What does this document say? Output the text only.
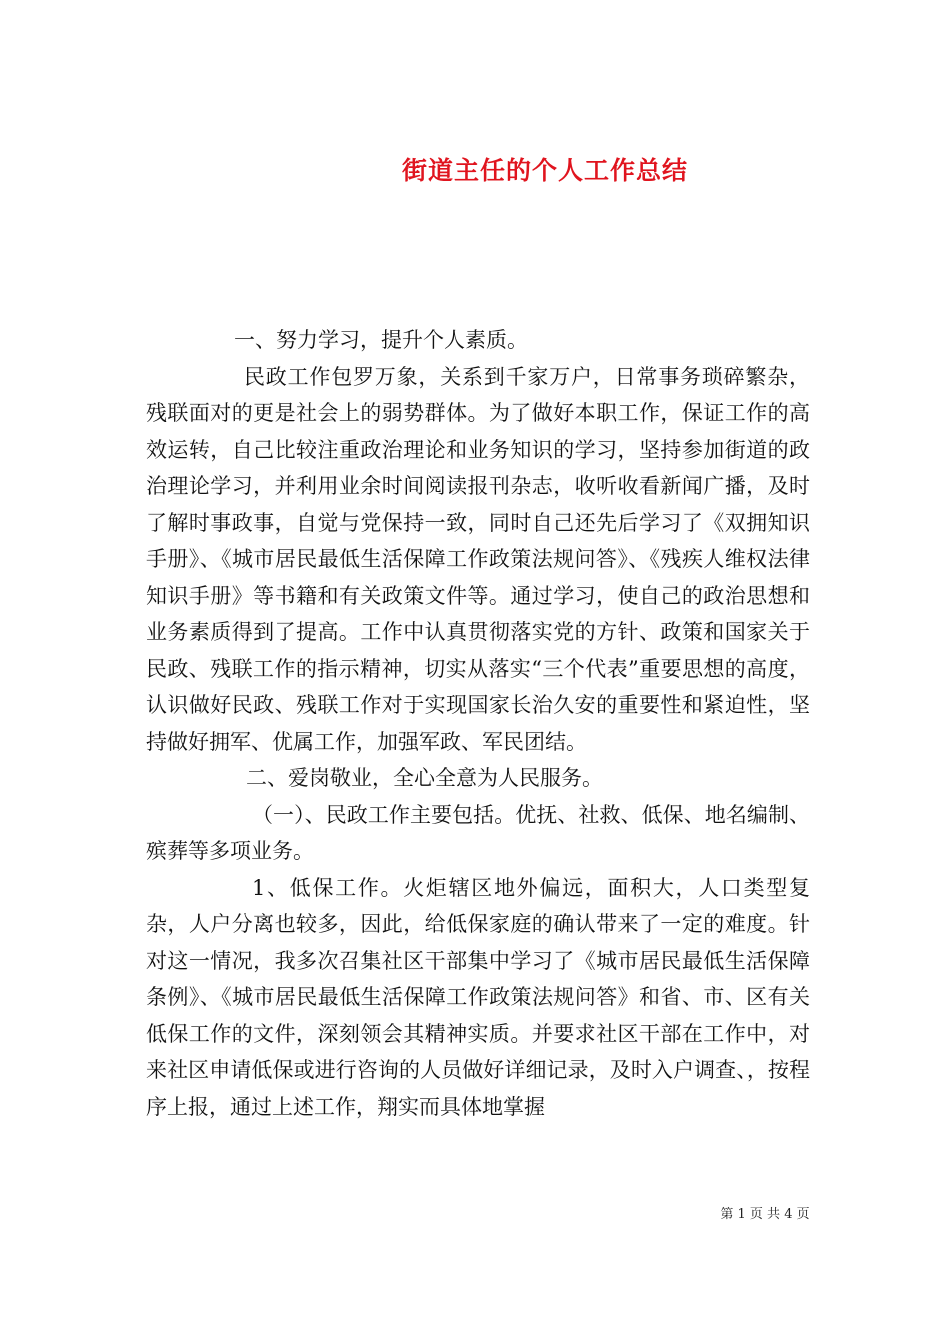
街道主任的个人工作总结

一、努力学习，提升个人素质。

民政工作包罗万象，关系到千家万户，日常事务琐碎繁杂，残联面对的更是社会上的弱势群体。为了做好本职工作，保证工作的高效运转，自己比较注重政治理论和业务知识的学习，坚持参加街道的政治理论学习，并利用业余时间阅读报刊杂志，收听收看新闻广播，及时了解时事政事，自觉与党保持一致，同时自己还先后学习了《双拥知识手册》、《城市居民最低生活保障工作政策法规问答》、《残疾人维权法律知识手册》等书籍和有关政策文件等。通过学习，使自己的政治思想和业务素质得到了提高。工作中认真贯彻落实党的方针、政策和国家关于民政、残联工作的指示精神，切实从落实“三个代表”重要思想的高度，认识做好民政、残联工作对于实现国家长治久安的重要性和紧迫性，坚持做好拥军、优属工作，加强军政、军民团结。

二、爱岗敬业，全心全意为人民服务。

（一）、民政工作主要包括。优抚、社救、低保、地名编制、殡葬等多项业务。

1、低保工作。火炬辖区地外偏远，面积大，人口类型复杂，人户分离也较多，因此，给低保家庭的确认带来了一定的难度。针对这一情况，我多次召集社区干部集中学习了《城市居民最低生活保障条例》、《城市居民最低生活保障工作政策法规问答》和省、市、区有关低保工作的文件，深刻领会其精神实质。并要求社区干部在工作中，对来社区申请低保或进行咨询的人员做好详细记录，及时入户调查、，按程序上报，通过上述工作，翔实而具体地掌握

第 1 页 共 4 页
